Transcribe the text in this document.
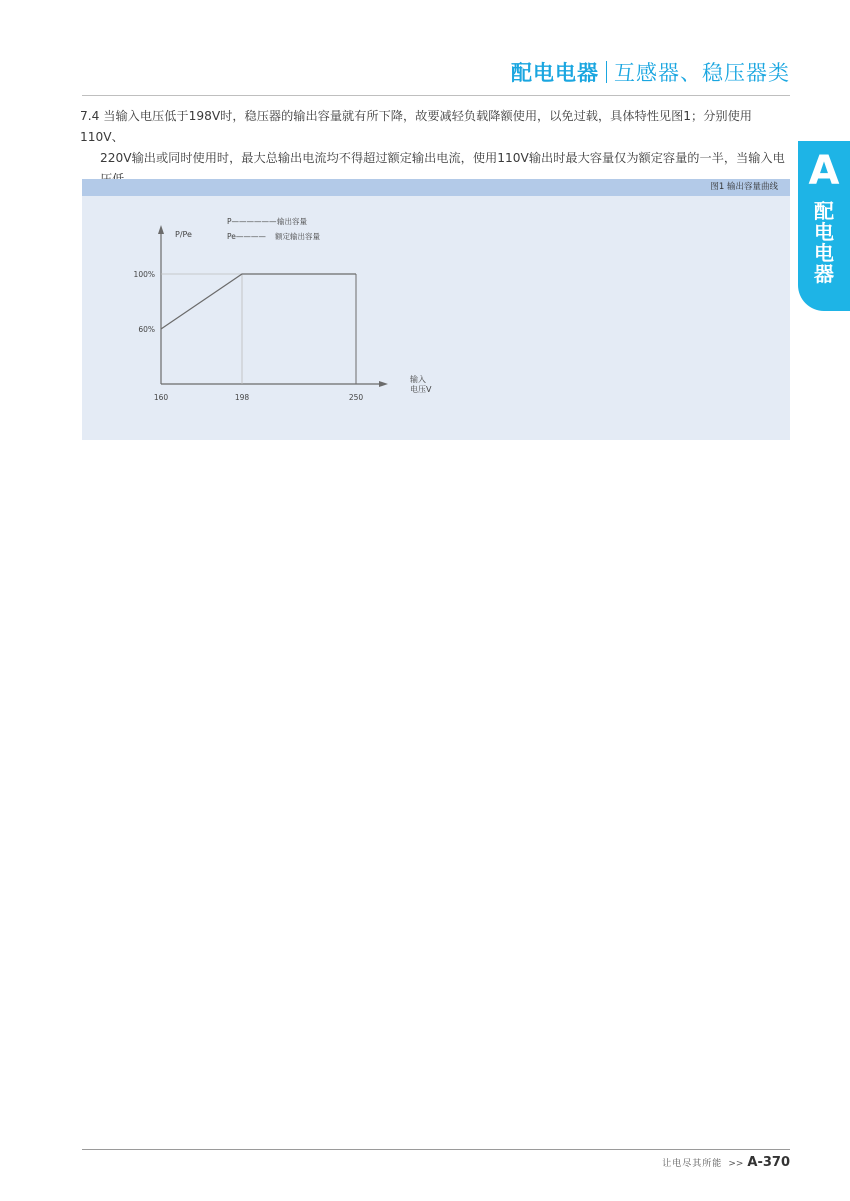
配电电器 互感器、稳压器类
A
配
电
电
器
7.4 当输入电压低于198V时，稳压器的输出容量就有所下降，故要减轻负载降额使用，以免过载，具体特性见图1；分别使用110V、
220V输出或同时使用时，最大总输出电流均不得超过额定输出电流，使用110V输出时最大容量仅为额定容量的一半，当输入电
图1 输出容量曲线
P/Pe
输入
电压V
P—————— 输出容量
Pe———— 额定输出容量
160	198	250
60%
100%
让电尽其所能 >> A-370
